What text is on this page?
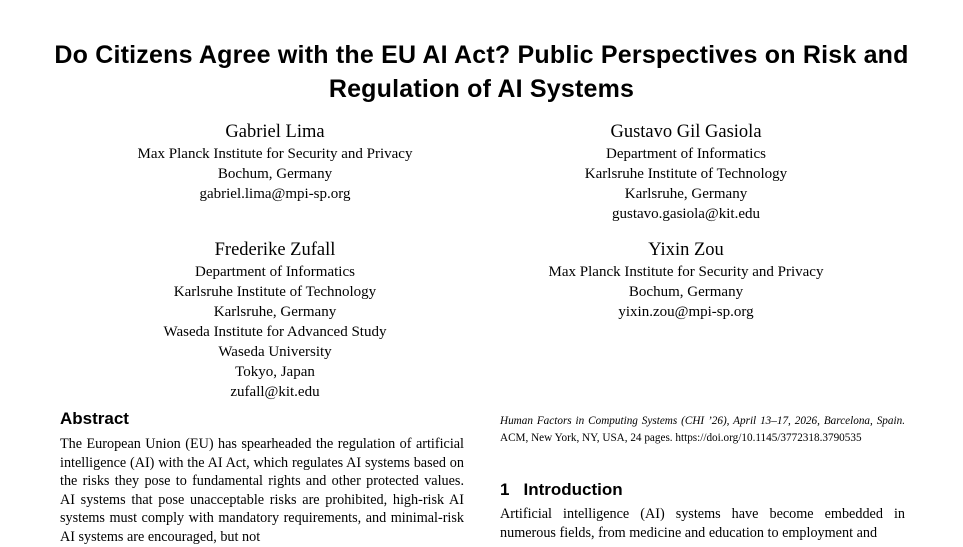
Do Citizens Agree with the EU AI Act? Public Perspectives on Risk and Regulation of AI Systems
Gabriel Lima
Max Planck Institute for Security and Privacy
Bochum, Germany
gabriel.lima@mpi-sp.org
Gustavo Gil Gasiola
Department of Informatics
Karlsruhe Institute of Technology
Karlsruhe, Germany
gustavo.gasiola@kit.edu
Frederike Zufall
Department of Informatics
Karlsruhe Institute of Technology
Karlsruhe, Germany
Waseda Institute for Advanced Study
Waseda University
Tokyo, Japan
zufall@kit.edu
Yixin Zou
Max Planck Institute for Security and Privacy
Bochum, Germany
yixin.zou@mpi-sp.org
Abstract

The European Union (EU) has spearheaded the regulation of artificial intelligence (AI) with the AI Act, which regulates AI systems based on the risks they pose to fundamental rights and other protected values. AI systems that pose unacceptable risks are prohibited, high-risk AI systems must comply with mandatory requirements, and minimal-risk AI systems are encouraged, but not

Human Factors in Computing Systems (CHI ’26), April 13–17, 2026, Barcelona, Spain. ACM, New York, NY, USA, 24 pages. https://doi.org/10.1145/3772318.3790535

1 Introduction

Artificial intelligence (AI) systems have become embedded in numerous fields, from medicine and education to employment and
